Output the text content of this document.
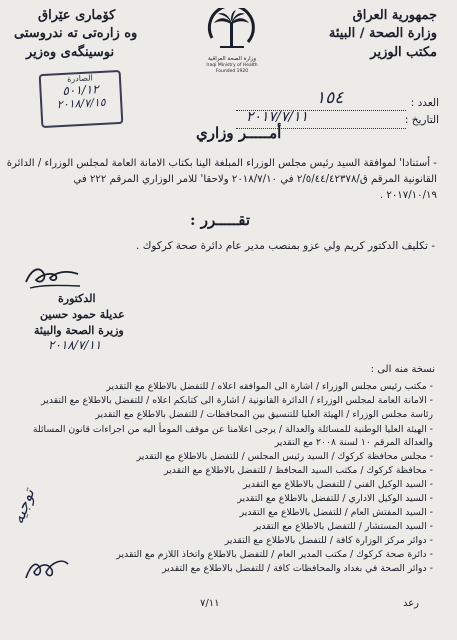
جمهورية العراق
وزارة الصحة / البيئة
مكتب الوزير
كۆماری عێراق
وه زارەتی ته ندروستی
نوسینگەی وەزیر	وزارة الصحة العراقية
Iraqi Ministry of Health
Founded 1920
العدد :
١٥٤
التاريخ :
٢٠١٧/٧/١١
الصادرة
٥٠١/١٢
٢٠١٨/٧/١٥
أمـــــر وزاري
- أستنادا' لموافقة السيد رئيس مجلس الوزراء المبلغة الينا بكتاب الامانة العامة لمجلس الوزراء / الدائرة
القانونية المرقم ق/٢/٥/٤٤/٤٢٣٧٨ في ٢٠١٨/٧/١٠ ولاحقا' للامر الوزاري المرقم ٢٢٢ في
٢٠١٧/١٠/١٩ .
تقـــــرر :
- تكليف الدكتور كريم ولي عزو بمنصب مدير عام دائرة صحة كركوك .
الدكتورة
عديلة حمود حسين
وزيرة الصحة والبيئة
٢٠١٨/٧/١١
نسخة منه الى :
- مكتب رئيس مجلس الوزراء / اشارة الى الموافقه اعلاه / للتفضل بالاطلاع مع التقدير
- الامانة العامة لمجلس الوزراء / الدائرة القانونية / اشارة الى كتابكم اعلاه / للتفضل بالاطلاع مع التقدير
رئاسة مجلس الوزراء / الهيئة العليا للتنسيق بين المحافظات / للتفضل بالاطلاع مع التقدير
- الهيئة العليا الوطنية للمسائلة والعدالة / يرجى اعلامنا عن موقف المومأ اليه من اجراءات قانون المسائلة
والعدالة المرقم ١٠ لسنة ٢٠٠٨ مع التقدير
- مجلس محافظة كركوك / السيد رئيس المجلس / للتفضل بالاطلاع مع التقدير
- محافظة كركوك / مكتب السيد المحافظ / للتفضل بالاطلاع مع التقدير
- السيد الوكيل الفني / للتفضل بالاطلاع مع التقدير
- السيد الوكيل الاداري / للتفضل بالاطلاع مع التقدير
- السيد المفتش العام / للتفضل بالاطلاع مع التقدير
- السيد المستشار / للتفضل بالاطلاع مع التقدير
- دوائر مركز الوزارة كافة / للتفضل بالاطلاع مع التقدير
- دائرة صحة كركوك / مكتب المدير العام / للتفضل بالاطلاع واتخاذ اللازم مع التقدير
- دوائر الصحة في بغداد والمحافظات كافة / للتفضل بالاطلاع مع التقدير
توجيه
رعد
٧/١١
